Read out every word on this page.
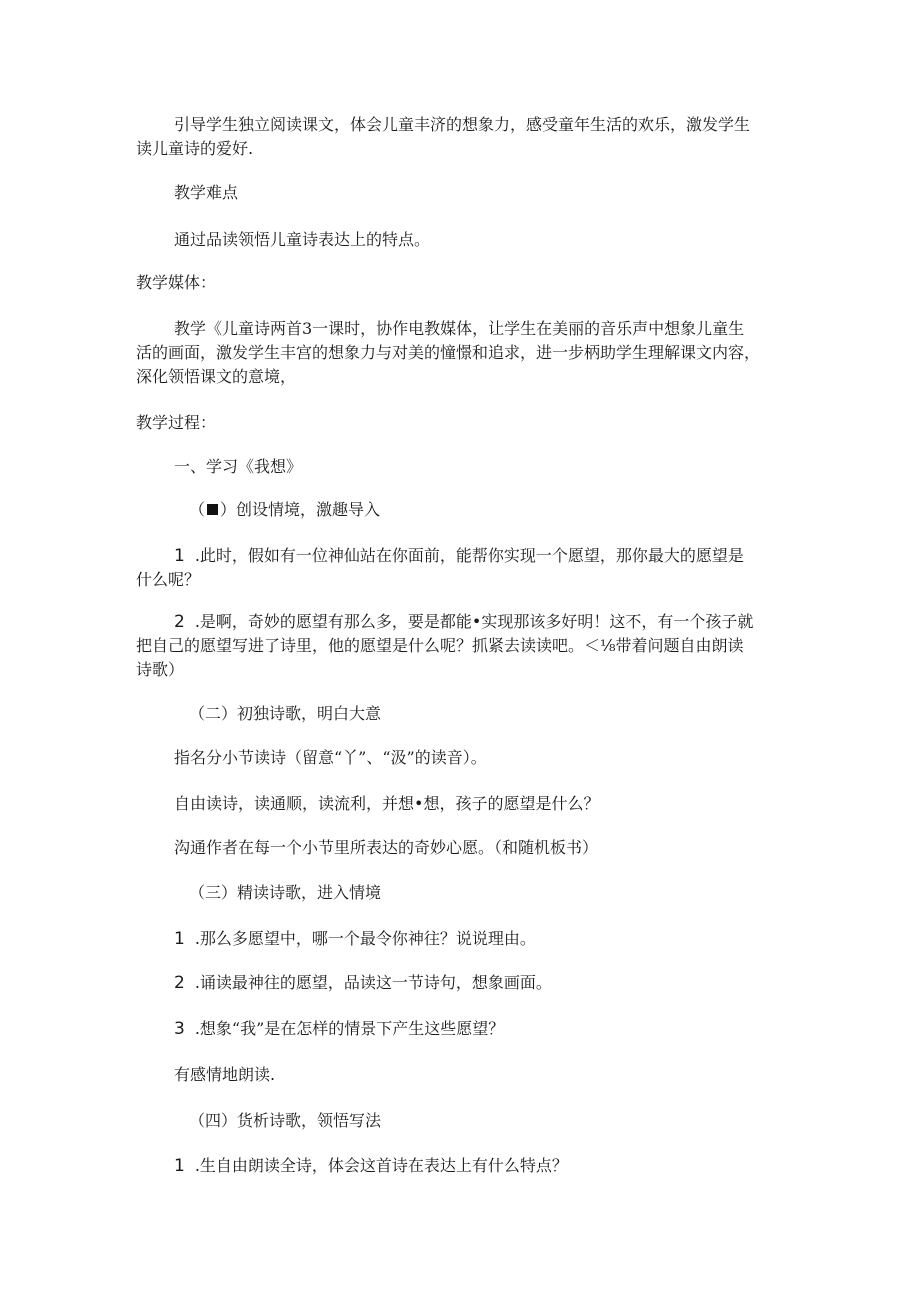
引导学生独立阅读课文，体会儿童丰济的想象力，感受童年生活的欢乐，激发学生

读儿童诗的爱好.

教学难点

通过品读领悟儿童诗表达上的特点。

教学媒体：

教学《儿童诗两首3一课时，协作电教媒体，让学生在美丽的音乐声中想象儿童生

活的画面，激发学生丰宫的想象力与对美的憧憬和追求，进一步柄助学生理解课文内容，

深化领悟课文的意境，

教学过程：

一、学习《我想》

（ ）创设情境，激趣导入

1 .此时，假如有一位神仙站在你面前，能帮你实现一个愿望，那你最大的愿望是

什么呢？

2 .是啊，奇妙的愿望有那么多，要是都能•实现那该多好明！这不，有一个孩子就

把自己的愿望写进了诗里，他的愿望是什么呢？抓紧去读读吧。＜⅛带着问题自由朗读

诗歌）

（二）初独诗歌，明白大意

指名分小节读诗（留意“丫”、“汲”的读音）。

自由读诗，读通顺，读流利，并想•想，孩子的愿望是什么？

沟通作者在每一个小节里所表达的奇妙心愿。（和随机板书）

（三）精读诗歌，进入情境

1 .那么多愿望中，哪一个最令你神往？说说理由。

2 .诵读最神往的愿望，品读这一节诗句，想象画面。

3 .想象“我”是在怎样的情景下产生这些愿望？

有感情地朗读.

（四）货析诗歌，领悟写法

1 .生自由朗读全诗，体会这首诗在表达上有什么特点？
